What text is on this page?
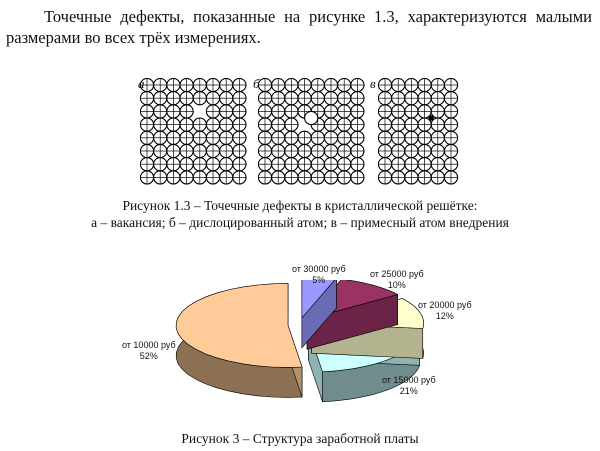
Точечные дефекты, показанные на рисунке 1.3, характеризуются малыми размерами во всех трёх измерениях.
а	б	в
Рисунок 1.3 – Точечные дефекты в кристаллической решётке:
а – вакансия; б – дислоцированный атом; в – примесный атом внедрения
от 30000 руб
5%
от 25000 руб
10%
от 20000 руб
12%
от 15000 руб
21%
от 10000 руб
52%
Рисунок 3 – Структура заработной платы
